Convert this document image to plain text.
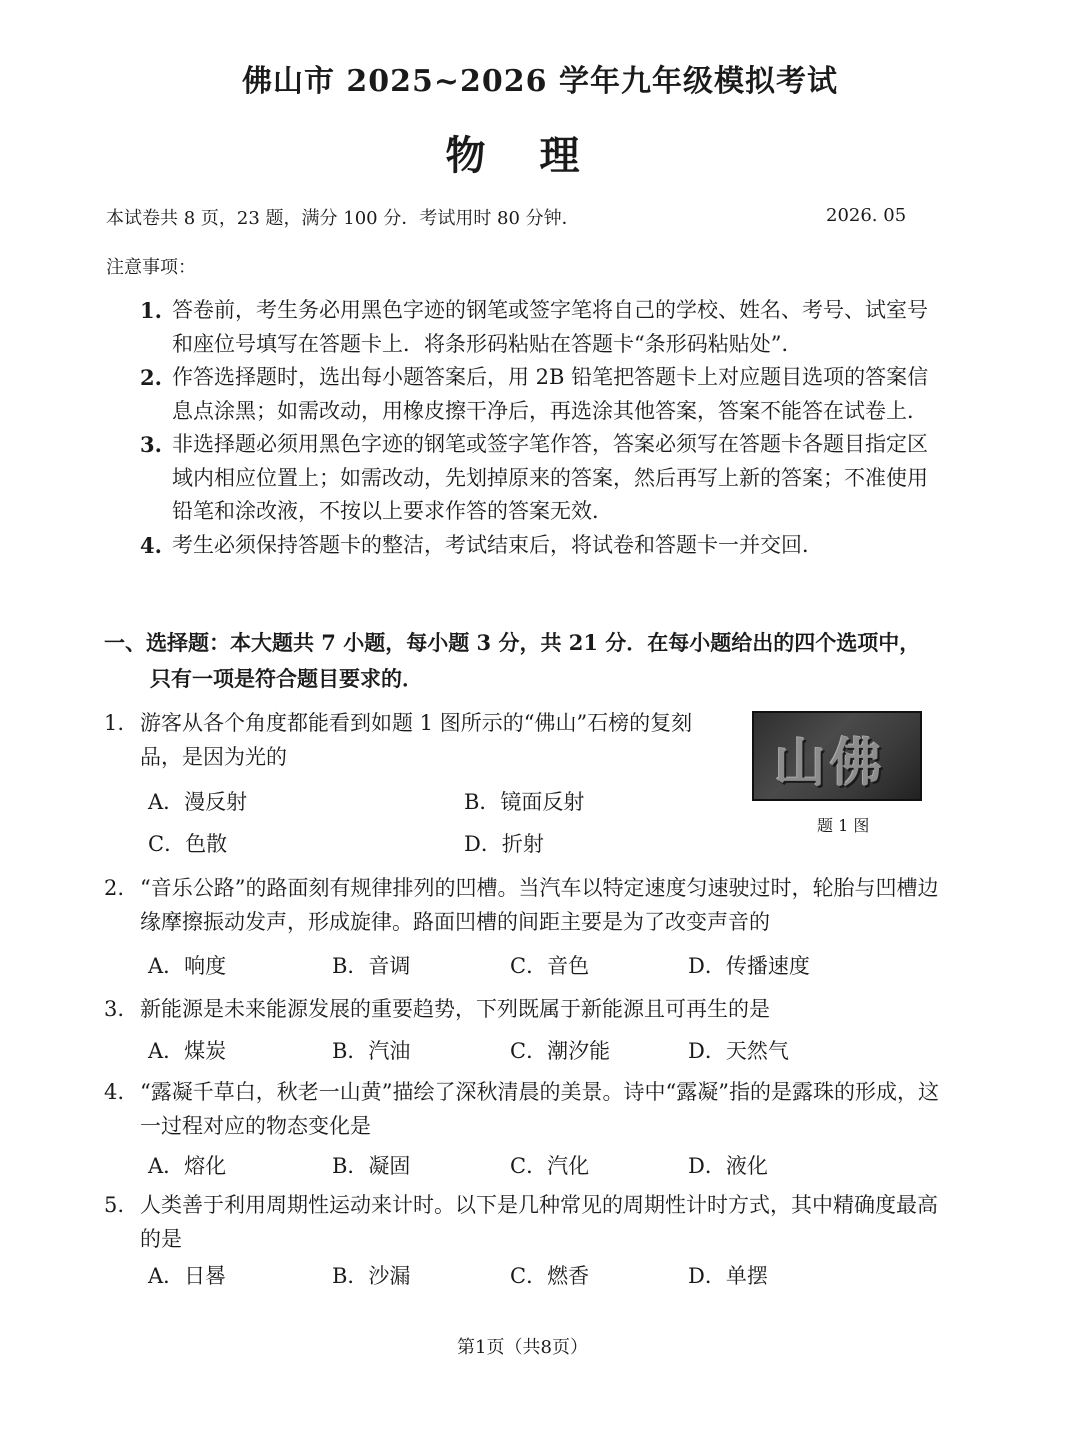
佛山市 2025~2026 学年九年级模拟考试
物 理
本试卷共 8 页，23 题，满分 100 分．考试用时 80 分钟．	2026. 05
注意事项：
1. 答卷前，考生务必用黑色字迹的钢笔或签字笔将自己的学校、姓名、考号、试室号和座位号填写在答题卡上．将条形码粘贴在答题卡“条形码粘贴处”．
2. 作答选择题时，选出每小题答案后，用 2B 铅笔把答题卡上对应题目选项的答案信息点涂黑；如需改动，用橡皮擦干净后，再选涂其他答案，答案不能答在试卷上．
3. 非选择题必须用黑色字迹的钢笔或签字笔作答，答案必须写在答题卡各题目指定区域内相应位置上；如需改动，先划掉原来的答案，然后再写上新的答案；不准使用铅笔和涂改液，不按以上要求作答的答案无效．
4. 考生必须保持答题卡的整洁，考试结束后，将试卷和答题卡一并交回．
一、选择题：本大题共 7 小题，每小题 3 分，共 21 分．在每小题给出的四个选项中，
只有一项是符合题目要求的．
1. 游客从各个角度都能看到如题 1 图所示的“佛山”石榜的复刻品，是因为光的
A．漫反射	B．镜面反射
C．色散	D．折射
山佛
题 1 图
2. “音乐公路”的路面刻有规律排列的凹槽。当汽车以特定速度匀速驶过时，轮胎与凹槽边缘摩擦振动发声，形成旋律。路面凹槽的间距主要是为了改变声音的
A．响度	B．音调	C．音色	D．传播速度
3. 新能源是未来能源发展的重要趋势，下列既属于新能源且可再生的是
A．煤炭	B．汽油	C．潮汐能	D．天然气
4. “露凝千草白，秋老一山黄”描绘了深秋清晨的美景。诗中“露凝”指的是露珠的形成，这一过程对应的物态变化是
A．熔化	B．凝固	C．汽化	D．液化
5. 人类善于利用周期性运动来计时。以下是几种常见的周期性计时方式，其中精确度最高的是
A．日晷	B．沙漏	C．燃香	D．单摆
第1页（共8页）
